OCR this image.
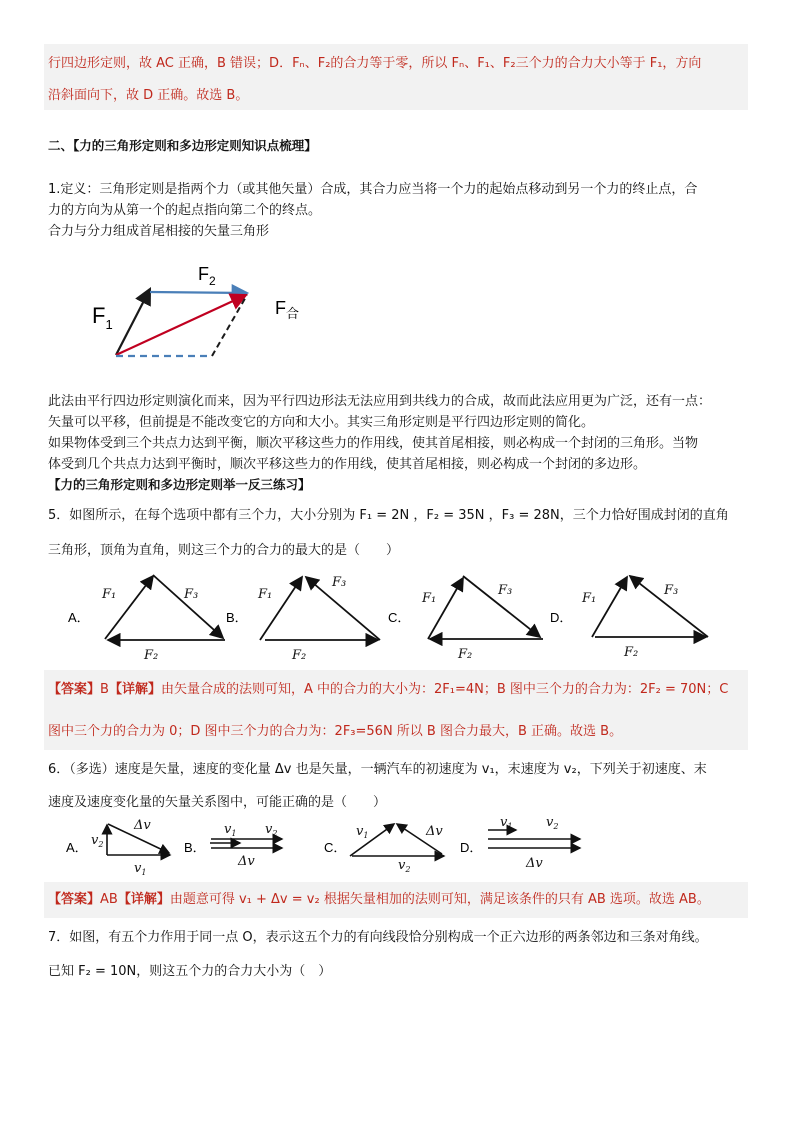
行四边形定则，故 AC 正确，B 错误；D．Fₙ、F₂的合力等于零，所以 Fₙ、F₁、F₂三个力的合力大小等于 F₁，方向
沿斜面向下，故 D 正确。故选 B。
二、【力的三角形定则和多边形定则知识点梳理】
1.定义：三角形定则是指两个力（或其他矢量）合成，其合力应当将一个力的起始点移动到另一个力的终止点，合
力的方向为从第一个的起点指向第二个的终点。
合力与分力组成首尾相接的矢量三角形
$F_1$
$F_2$
$F_合$
此法由平行四边形定则演化而来，因为平行四边形法无法应用到共线力的合成，故而此法应用更为广泛，还有一点：
矢量可以平移，但前提是不能改变它的方向和大小。其实三角形定则是平行四边形定则的简化。
如果物体受到三个共点力达到平衡，顺次平移这些力的作用线，使其首尾相接，则必构成一个封闭的三角形。当物
体受到几个共点力达到平衡时，顺次平移这些力的作用线，使其首尾相接，则必构成一个封闭的多边形。
【力的三角形定则和多边形定则举一反三练习】
5．如图所示，在每个选项中都有三个力，大小分别为 F₁ = 2N ，F₂ = 35N ，F₃ = 28N，三个力恰好围成封闭的直角
三角形，顶角为直角，则这三个力的合力的最大的是（　　）
A．
F₁	F₃
F₂
B．
F₁
F₃
F₂
C．
F₁
F₃
F₂
D．
F₁
F₃
F₂
【答案】B【详解】由矢量合成的法则可知，A 中的合力的大小为：2F₁=4N；B 图中三个力的合力为：2F₂ = 70N；C
图中三个力的合力为 0；D 图中三个力的合力为：2F₃=56N 所以 B 图合力最大，B 正确。故选 B。
6．（多选）速度是矢量，速度的变化量 Δv 也是矢量，一辆汽车的初速度为 v₁，末速度为 v₂，下列关于初速度、末
速度及速度变化量的矢量关系图中，可能正确的是（　　）
A． $v_2$
Δv
$v_1$
B．
$v_1$ $v_2$
Δv
C．
$v_1$	Δv
$v_2$
D．
$v_1$	$v_2$
Δv
【答案】AB【详解】由题意可得 v₁ + Δv = v₂ 根据矢量相加的法则可知，满足该条件的只有 AB 选项。故选 AB。
7．如图，有五个力作用于同一点 O，表示这五个力的有向线段恰分别构成一个正六边形的两条邻边和三条对角线。
已知 F₂ = 10N，则这五个力的合力大小为（　）
